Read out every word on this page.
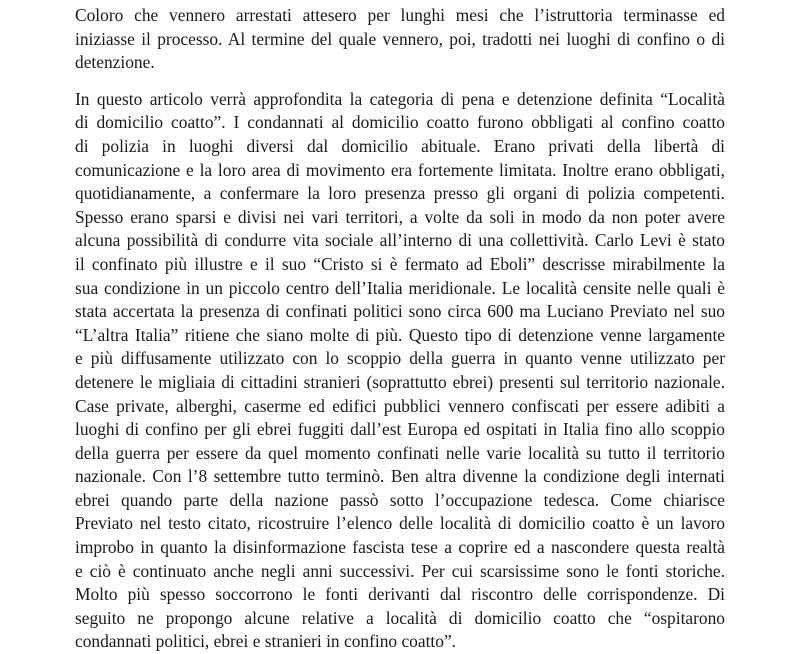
Coloro che vennero arrestati attesero per lunghi mesi che l’istruttoria terminasse ed
iniziasse il processo. Al termine del quale vennero, poi, tradotti nei luoghi di confino o di
detenzione.

In questo articolo verrà approfondita la categoria di pena e detenzione definita “Località
di domicilio coatto”. I condannati al domicilio coatto furono obbligati al confino coatto
di polizia in luoghi diversi dal domicilio abituale. Erano privati della libertà di
comunicazione e la loro area di movimento era fortemente limitata. Inoltre erano obbligati,
quotidianamente, a confermare la loro presenza presso gli organi di polizia competenti.
Spesso erano sparsi e divisi nei vari territori, a volte da soli in modo da non poter avere
alcuna possibilità di condurre vita sociale all’interno di una collettività. Carlo Levi è stato
il confinato più illustre e il suo “Cristo si è fermato ad Eboli” descrisse mirabilmente la
sua condizione in un piccolo centro dell’Italia meridionale. Le località censite nelle quali è
stata accertata la presenza di confinati politici sono circa 600 ma Luciano Previato nel suo
“L’altra Italia” ritiene che siano molte di più. Questo tipo di detenzione venne largamente
e più diffusamente utilizzato con lo scoppio della guerra in quanto venne utilizzato per
detenere le migliaia di cittadini stranieri (soprattutto ebrei) presenti sul territorio nazionale.
Case private, alberghi, caserme ed edifici pubblici vennero confiscati per essere adibiti a
luoghi di confino per gli ebrei fuggiti dall’est Europa ed ospitati in Italia fino allo scoppio
della guerra per essere da quel momento confinati nelle varie località su tutto il territorio
nazionale. Con l’8 settembre tutto terminò. Ben altra divenne la condizione degli internati
ebrei quando parte della nazione passò sotto l’occupazione tedesca. Come chiarisce
Previato nel testo citato, ricostruire l’elenco delle località di domicilio coatto è un lavoro
improbo in quanto la disinformazione fascista tese a coprire ed a nascondere questa realtà
e ciò è continuato anche negli anni successivi. Per cui scarsissime sono le fonti storiche.
Molto più spesso soccorrono le fonti derivanti dal riscontro delle corrispondenze. Di
seguito ne propongo alcune relative a località di domicilio coatto che “ospitarono
condannati politici, ebrei e stranieri in confino coatto”.
